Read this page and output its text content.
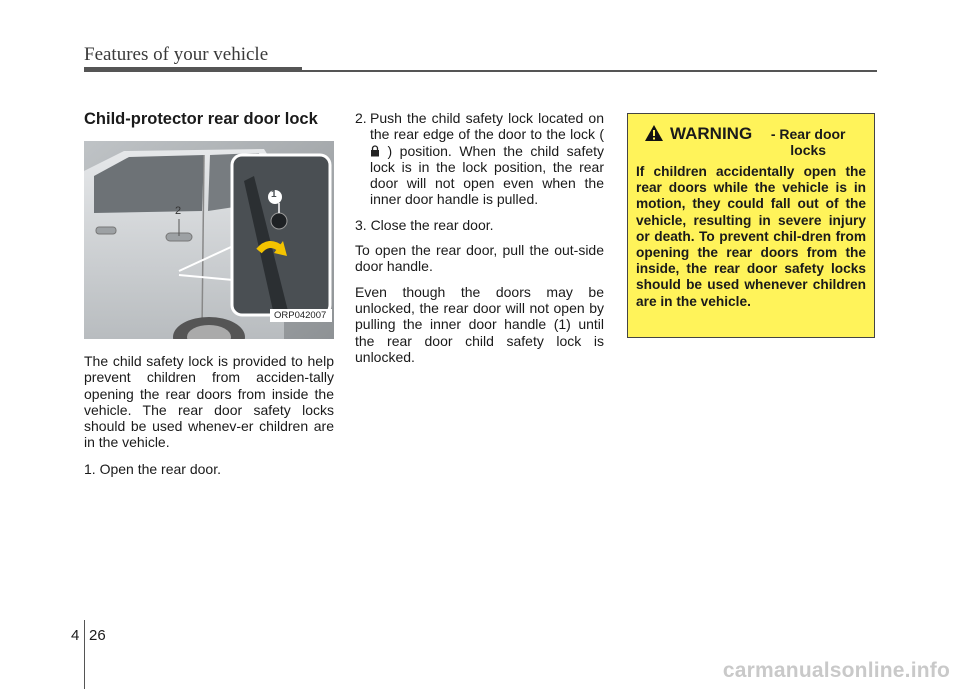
Features of your vehicle
Child-protector rear door lock
1
2
ORP042007

The child safety lock is provided to help prevent children from acciden-tally opening the rear doors from inside the vehicle. The rear door safety locks should be used whenev-er children are in the vehicle.

1. Open the rear door.

2. Push the child safety lock located on the rear edge of the door to the lock (  ) position. When the child safety lock is in the lock position, the rear door will not open even when the inner door handle is pulled.

3. Close the rear door.

To open the rear door, pull the out-side door handle.

Even though the doors may be unlocked, the rear door will not open by pulling the inner door handle (1) until the rear door child safety lock is unlocked.

WARNING	- Rear door locks
If children accidentally open the rear doors while the vehicle is in motion, they could fall out of the vehicle, resulting in severe injury or death. To prevent chil-dren from opening the rear doors from the inside, the rear door safety locks should be used whenever children are in the vehicle.
4 26
carmanualsonline.info
